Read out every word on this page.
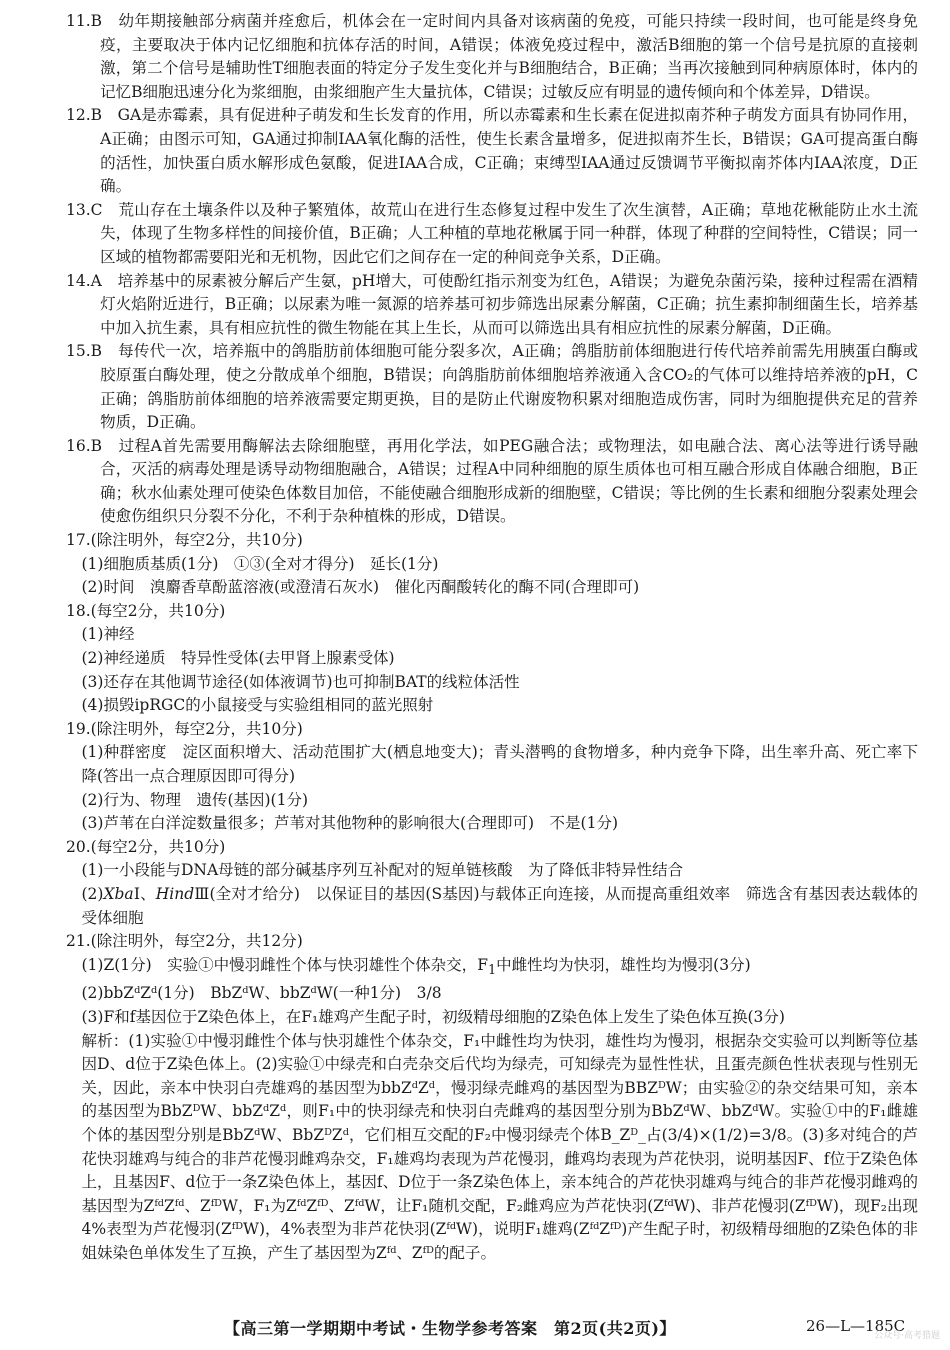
11.B　幼年期接触部分病菌并痊愈后，机体会在一定时间内具备对该病菌的免疫，可能只持续一段时间，也可能是终身免疫，主要取决于体内记忆细胞和抗体存活的时间，A错误；体液免疫过程中，激活B细胞的第一个信号是抗原的直接刺激，第二个信号是辅助性T细胞表面的特定分子发生变化并与B细胞结合，B正确；当再次接触到同种病原体时，体内的记忆B细胞迅速分化为浆细胞，由浆细胞产生大量抗体，C错误；过敏反应有明显的遗传倾向和个体差异，D错误。

12.B　GA是赤霉素，具有促进种子萌发和生长发育的作用，所以赤霉素和生长素在促进拟南芥种子萌发方面具有协同作用，A正确；由图示可知，GA通过抑制IAA氧化酶的活性，使生长素含量增多，促进拟南芥生长，B错误；GA可提高蛋白酶的活性，加快蛋白质水解形成色氨酸，促进IAA合成，C正确；束缚型IAA通过反馈调节平衡拟南芥体内IAA浓度，D正确。

13.C　荒山存在土壤条件以及种子繁殖体，故荒山在进行生态修复过程中发生了次生演替，A正确；草地花楸能防止水土流失，体现了生物多样性的间接价值，B正确；人工种植的草地花楸属于同一种群，体现了种群的空间特性，C错误；同一区域的植物都需要阳光和无机物，因此它们之间存在一定的种间竞争关系，D正确。

14.A　培养基中的尿素被分解后产生氨，pH增大，可使酚红指示剂变为红色，A错误；为避免杂菌污染，接种过程需在酒精灯火焰附近进行，B正确；以尿素为唯一氮源的培养基可初步筛选出尿素分解菌，C正确；抗生素抑制细菌生长，培养基中加入抗生素，具有相应抗性的微生物能在其上生长，从而可以筛选出具有相应抗性的尿素分解菌，D正确。

15.B　每传代一次，培养瓶中的鸽脂肪前体细胞可能分裂多次，A正确；鸽脂肪前体细胞进行传代培养前需先用胰蛋白酶或胶原蛋白酶处理，使之分散成单个细胞，B错误；向鸽脂肪前体细胞培养液通入含CO₂的气体可以维持培养液的pH，C正确；鸽脂肪前体细胞的培养液需要定期更换，目的是防止代谢废物积累对细胞造成伤害，同时为细胞提供充足的营养物质，D正确。

16.B　过程A首先需要用酶解法去除细胞壁，再用化学法，如PEG融合法；或物理法，如电融合法、离心法等进行诱导融合，灭活的病毒处理是诱导动物细胞融合，A错误；过程A中同种细胞的原生质体也可相互融合形成自体融合细胞，B正确；秋水仙素处理可使染色体数目加倍，不能使融合细胞形成新的细胞壁，C错误；等比例的生长素和细胞分裂素处理会使愈伤组织只分裂不分化，不利于杂种植株的形成，D错误。

17.(除注明外，每空2分，共10分)

(1)细胞质基质(1分)　①③(全对才得分)　延长(1分)

(2)时间　溴麝香草酚蓝溶液(或澄清石灰水)　催化丙酮酸转化的酶不同(合理即可)

18.(每空2分，共10分)

(1)神经

(2)神经递质　特异性受体(去甲肾上腺素受体)

(3)还存在其他调节途径(如体液调节)也可抑制BAT的线粒体活性

(4)损毁ipRGC的小鼠接受与实验组相同的蓝光照射

19.(除注明外，每空2分，共10分)

(1)种群密度　淀区面积增大、活动范围扩大(栖息地变大)；青头潜鸭的食物增多，种内竞争下降，出生率升高、死亡率下降(答出一点合理原因即可得分)

(2)行为、物理　遗传(基因)(1分)

(3)芦苇在白洋淀数量很多；芦苇对其他物种的影响很大(合理即可)　不是(1分)

20.(每空2分，共10分)

(1)一小段能与DNA母链的部分碱基序列互补配对的短单链核酸　为了降低非特异性结合

(2)XbaⅠ、HindⅢ(全对才给分)　以保证目的基因(S基因)与载体正向连接，从而提高重组效率　筛选含有基因表达载体的受体细胞

21.(除注明外，每空2分，共12分)

(1)Z(1分)　实验①中慢羽雌性个体与快羽雄性个体杂交，$F_1$中雌性均为快羽，雄性均为慢羽(3分)

(2)bbZᵈZᵈ(1分)　BbZᵈW、bbZᵈW(一种1分)　3/8

(3)F和f基因位于Z染色体上，在F₁雄鸡产生配子时，初级精母细胞的Z染色体上发生了染色体互换(3分)

解析：(1)实验①中慢羽雌性个体与快羽雄性个体杂交，F₁中雌性均为快羽，雄性均为慢羽，根据杂交实验可以判断等位基因D、d位于Z染色体上。(2)实验①中绿壳和白壳杂交后代均为绿壳，可知绿壳为显性性状，且蛋壳颜色性状表现与性别无关，因此，亲本中快羽白壳雄鸡的基因型为bbZᵈZᵈ，慢羽绿壳雌鸡的基因型为BBZᴰW；由实验②的杂交结果可知，亲本的基因型为BbZᴰW、bbZᵈZᵈ，则F₁中的快羽绿壳和快羽白壳雌鸡的基因型分别为BbZᵈW、bbZᵈW。实验①中的F₁雌雄个体的基因型分别是BbZᵈW、BbZᴰZᵈ，它们相互交配的F₂中慢羽绿壳个体B_Zᴰ_占(3/4)×(1/2)=3/8。(3)多对纯合的芦花快羽雄鸡与纯合的非芦花慢羽雌鸡杂交，F₁雄鸡均表现为芦花慢羽，雌鸡均表现为芦花快羽，说明基因F、f位于Z染色体上，且基因F、d位于一条Z染色体上，基因f、D位于一条Z染色体上，亲本纯合的芦花快羽雄鸡与纯合的非芦花慢羽雌鸡的基因型为ZᶠᵈZᶠᵈ、ZᶠᴰW，F₁为ZᶠᵈZᶠᴰ、ZᶠᵈW，让F₁随机交配，F₂雌鸡应为芦花快羽(ZᶠᵈW)、非芦花慢羽(ZᶠᴰW)，现F₂出现4%表型为芦花慢羽(ZᶠᴰW)，4%表型为非芦花快羽(ZᶠᵈW)，说明F₁雄鸡(ZᶠᵈZᶠᴰ)产生配子时，初级精母细胞的Z染色体的非姐妹染色单体发生了互换，产生了基因型为Zᶠᵈ、Zᶠᴰ的配子。

【高三第一学期期中考试・生物学参考答案　第2页(共2页)】	26—L—185C
公众号·高考猎题
